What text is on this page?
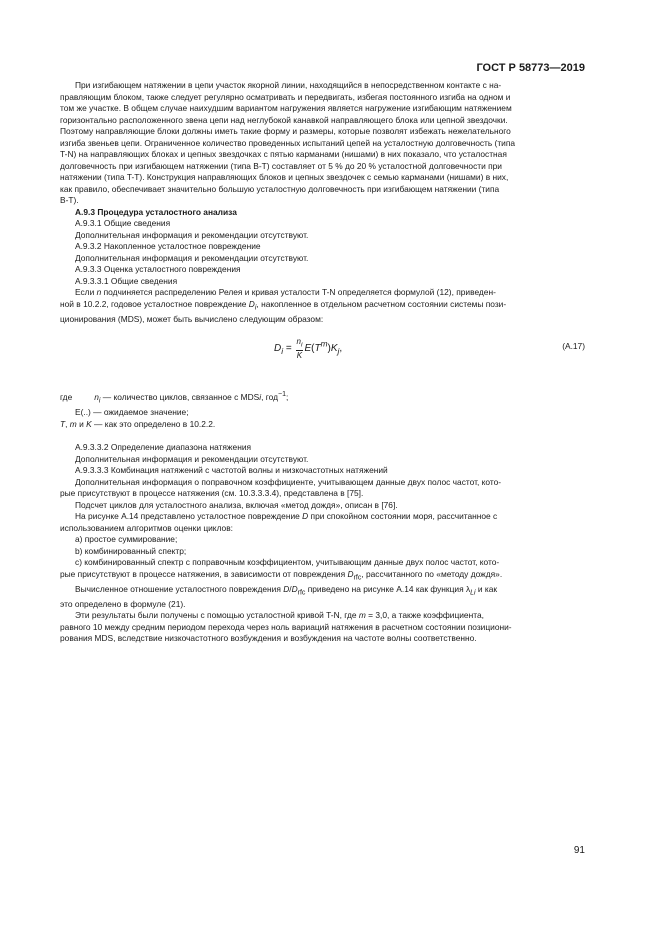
ГОСТ Р 58773—2019

При изгибающем натяжении в цепи участок якорной линии, находящийся в непосредственном контакте с на-

правляющим блоком, также следует регулярно осматривать и передвигать, избегая постоянного изгиба на одном и

том же участке. В общем случае наихудшим вариантом нагружения является нагружение изгибающим натяжением

горизонтально расположенного звена цепи над неглубокой канавкой направляющего блока или цепной звездочки.

Поэтому направляющие блоки должны иметь такие форму и размеры, которые позволят избежать нежелательного

изгиба звеньев цепи. Ограниченное количество проведенных испытаний цепей на усталостную долговечность (типа

T-N) на направляющих блоках и цепных звездочках с пятью карманами (нишами) в них показало, что усталостная

долговечность при изгибающем натяжении (типа B-T) составляет от 5 % до 20 % усталостной долговечности при

натяжении (типа T-T). Конструкция направляющих блоков и цепных звездочек с семью карманами (нишами) в них,

как правило, обеспечивает значительно большую усталостную долговечность при изгибающем натяжении (типа

B-T).

А.9.3 Процедура усталостного анализа

А.9.3.1 Общие сведения

Дополнительная информация и рекомендации отсутствуют.

А.9.3.2 Накопленное усталостное повреждение

Дополнительная информация и рекомендации отсутствуют.

А.9.3.3 Оценка усталостного повреждения

А.9.3.3.1 Общие сведения

Если n подчиняется распределению Релея и кривая усталости T-N определяется формулой (12), приведен-

ной в 10.2.2, годовое усталостное повреждение $D_i$, накопленное в отдельном расчетном состоянии системы пози-

ционирования (MDS), может быть вычислено следующим образом:

$D_i = \frac{n_i}{K} E(T^m)K_j$,	(A.17)

где	$n_i$ — количество циклов, связанное с MDSi, год$^{-1}$;

E(..) — ожидаемое значение;

T, m и K — как это определено в 10.2.2.

А.9.3.3.2 Определение диапазона натяжения

Дополнительная информация и рекомендации отсутствуют.

А.9.3.3.3 Комбинация натяжений с частотой волны и низкочастотных натяжений

Дополнительная информация о поправочном коэффициенте, учитывающем данные двух полос частот, кото-

рые присутствуют в процессе натяжения (см. 10.3.3.3.4), представлена в [75].

Подсчет циклов для усталостного анализа, включая «метод дождя», описан в [76].

На рисунке А.14 представлено усталостное повреждение D при спокойном состоянии моря, рассчитанное с

использованием алгоритмов оценки циклов:

a) простое суммирование;

b) комбинированный спектр;

c) комбинированный спектр с поправочным коэффициентом, учитывающим данные двух полос частот, кото-

рые присутствуют в процессе натяжения, в зависимости от повреждения $D_{rfc}$, рассчитанного по «методу дождя».

Вычисленное отношение усталостного повреждения $D/D_{rfc}$ приведено на рисунке А.14 как функция $\lambda_{Li}$ и как

это определено в формуле (21).

Эти результаты были получены с помощью усталостной кривой T-N, где m = 3,0, а также коэффициента,

равного 10 между средним периодом перехода через ноль вариаций натяжения в расчетном состоянии позициони-

рования MDS, вследствие низкочастотного возбуждения и возбуждения на частоте волны соответственно.

91
